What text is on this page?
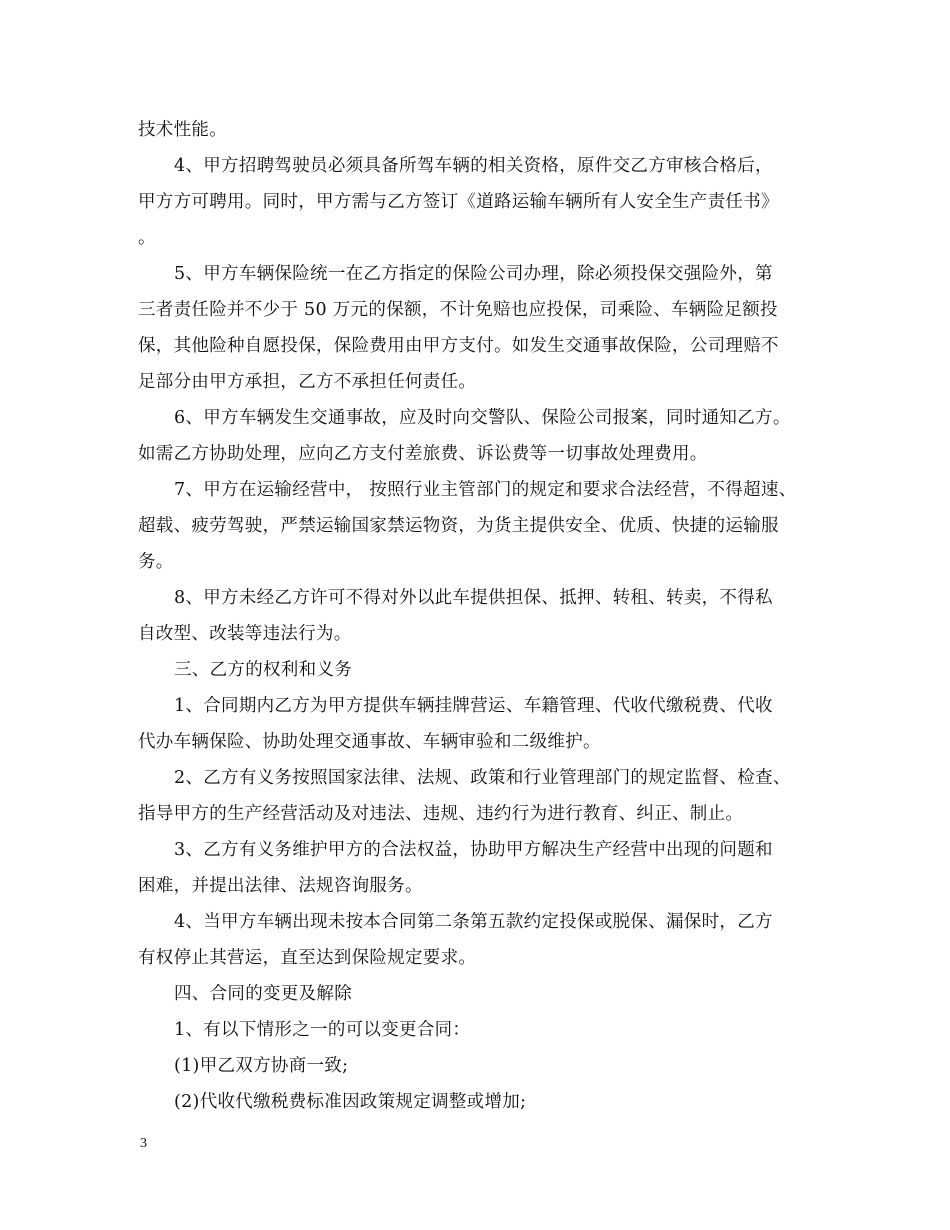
技术性能。
4、甲方招聘驾驶员必须具备所驾车辆的相关资格，原件交乙方审核合格后，
甲方方可聘用。同时，甲方需与乙方签订《道路运输车辆所有人安全生产责任书》
。
5、甲方车辆保险统一在乙方指定的保险公司办理，除必须投保交强险外，第
三者责任险并不少于 50 万元的保额，不计免赔也应投保，司乘险、车辆险足额投
保，其他险种自愿投保，保险费用由甲方支付。如发生交通事故保险，公司理赔不
足部分由甲方承担，乙方不承担任何责任。
6、甲方车辆发生交通事故，应及时向交警队、保险公司报案，同时通知乙方。
如需乙方协助处理，应向乙方支付差旅费、诉讼费等一切事故处理费用。
7、甲方在运输经营中， 按照行业主管部门的规定和要求合法经营，不得超速、
超载、疲劳驾驶，严禁运输国家禁运物资，为货主提供安全、优质、快捷的运输服
务。
8、甲方未经乙方许可不得对外以此车提供担保、抵押、转租、转卖，不得私
自改型、改装等违法行为。
三、乙方的权利和义务
1、合同期内乙方为甲方提供车辆挂牌营运、车籍管理、代收代缴税费、代收
代办车辆保险、协助处理交通事故、车辆审验和二级维护。
2、乙方有义务按照国家法律、法规、政策和行业管理部门的规定监督、检查、
指导甲方的生产经营活动及对违法、违规、违约行为进行教育、纠正、制止。
3、乙方有义务维护甲方的合法权益，协助甲方解决生产经营中出现的问题和
困难，并提出法律、法规咨询服务。
4、当甲方车辆出现未按本合同第二条第五款约定投保或脱保、漏保时，乙方
有权停止其营运，直至达到保险规定要求。
四、合同的变更及解除
1、有以下情形之一的可以变更合同：
(1)甲乙双方协商一致;
(2)代收代缴税费标准因政策规定调整或增加;
3
